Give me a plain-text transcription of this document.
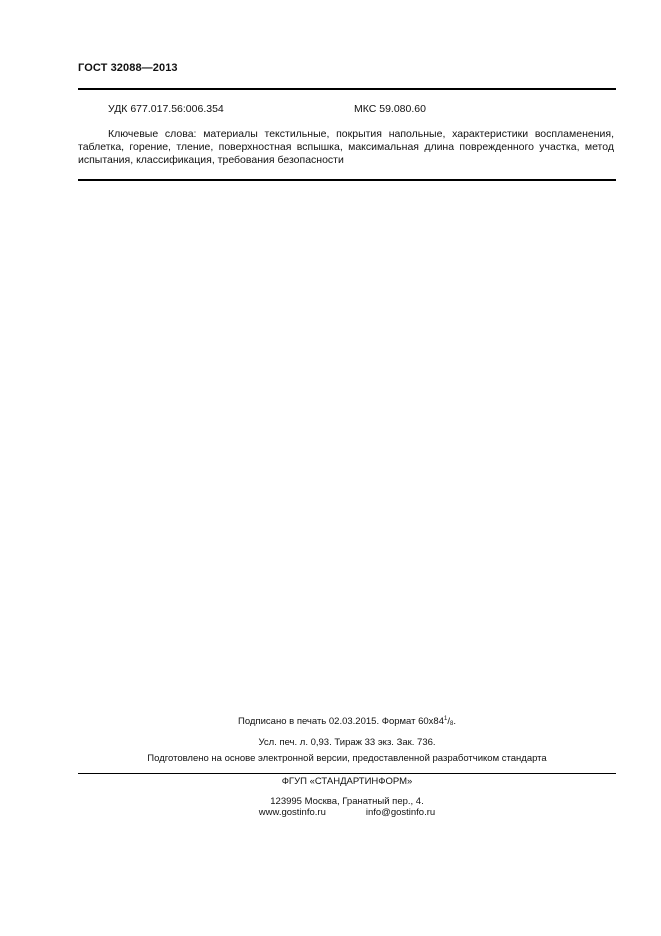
ГОСТ 32088—2013
УДК 677.017.56:006.354	МКС 59.080.60

Ключевые слова: материалы текстильные, покрытия напольные, характеристики воспламенения, таблетка, горение, тление, поверхностная вспышка, максимальная длина поврежденного участка, метод испытания, классификация, требования безопасности

Подписано в печать 02.03.2015. Формат $60x84^1/_8$.
Усл. печ. л. 0,93. Тираж 33 экз. Зак. 736.
Подготовлено на основе электронной версии, предоставленной разработчиком стандарта
ФГУП «СТАНДАРТИНФОРМ»
123995 Москва, Гранатный пер., 4.
www.gostinfo.ru	info@gostinfo.ru
